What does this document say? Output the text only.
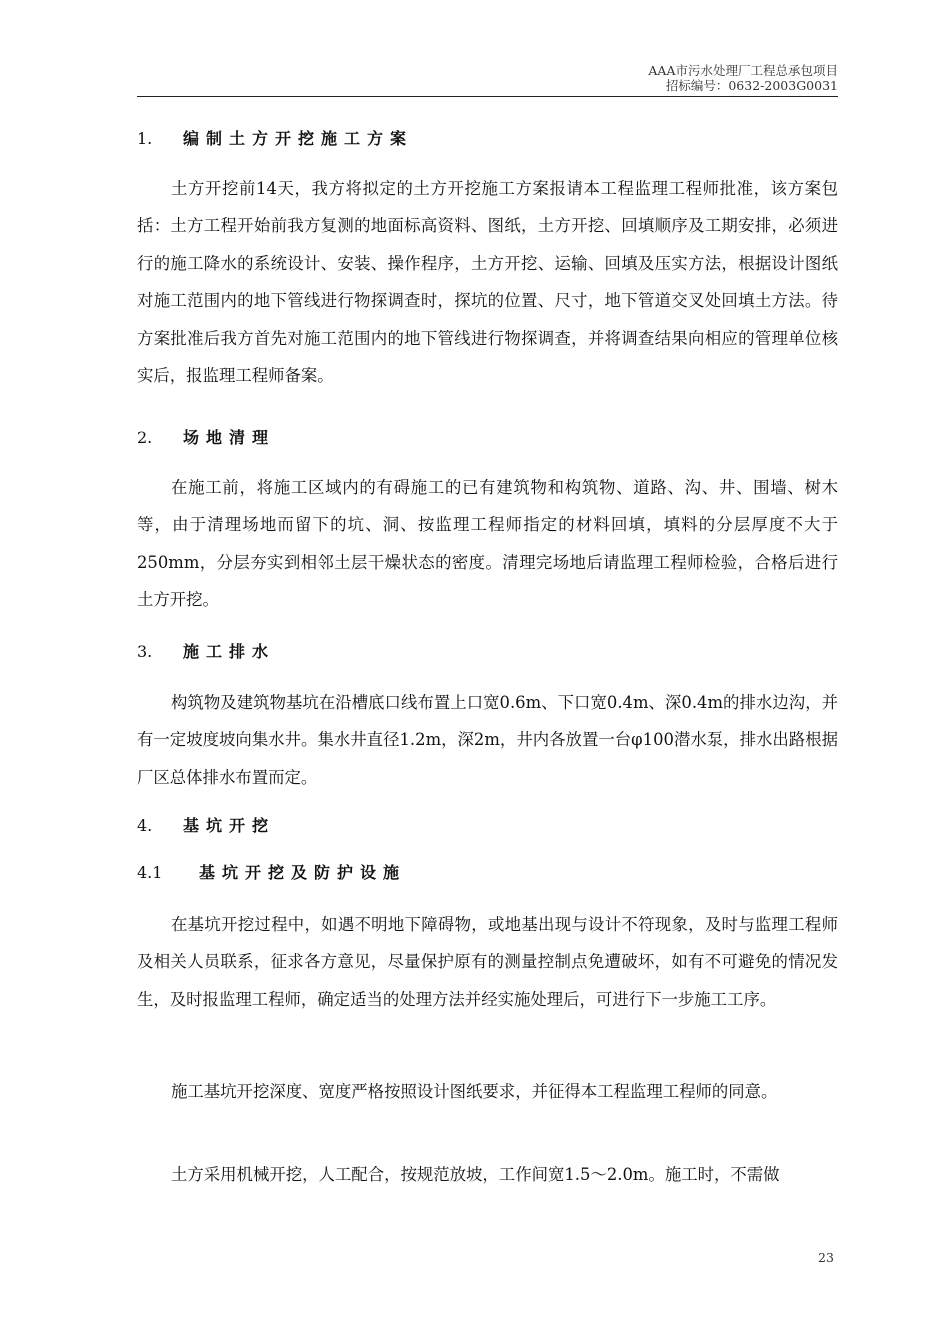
AAA市污水处理厂工程总承包项目
招标编号：0632-2003G0031
1. 编制土方开挖施工方案

土方开挖前14天，我方将拟定的土方开挖施工方案报请本工程监理工程师批准，该方案包括：土方工程开始前我方复测的地面标高资料、图纸，土方开挖、回填顺序及工期安排，必须进行的施工降水的系统设计、安装、操作程序，土方开挖、运输、回填及压实方法，根据设计图纸对施工范围内的地下管线进行物探调查时，探坑的位置、尺寸，地下管道交叉处回填土方法。待方案批准后我方首先对施工范围内的地下管线进行物探调查，并将调查结果向相应的管理单位核实后，报监理工程师备案。

2. 场地清理

在施工前，将施工区域内的有碍施工的已有建筑物和构筑物、道路、沟、井、围墙、树木等，由于清理场地而留下的坑、洞、按监理工程师指定的材料回填，填料的分层厚度不大于250mm，分层夯实到相邻土层干燥状态的密度。清理完场地后请监理工程师检验，合格后进行土方开挖。

3. 施工排水

构筑物及建筑物基坑在沿槽底口线布置上口宽0.6m、下口宽0.4m、深0.4m的排水边沟，并有一定坡度坡向集水井。集水井直径1.2m，深2m，井内各放置一台φ100潜水泵，排水出路根据厂区总体排水布置而定。

4. 基坑开挖
4.1 基坑开挖及防护设施

在基坑开挖过程中，如遇不明地下障碍物，或地基出现与设计不符现象，及时与监理工程师及相关人员联系，征求各方意见，尽量保护原有的测量控制点免遭破坏，如有不可避免的情况发生，及时报监理工程师，确定适当的处理方法并经实施处理后，可进行下一步施工工序。

施工基坑开挖深度、宽度严格按照设计图纸要求，并征得本工程监理工程师的同意。

土方采用机械开挖，人工配合，按规范放坡，工作间宽1.5～2.0m。施工时，不需做

23
